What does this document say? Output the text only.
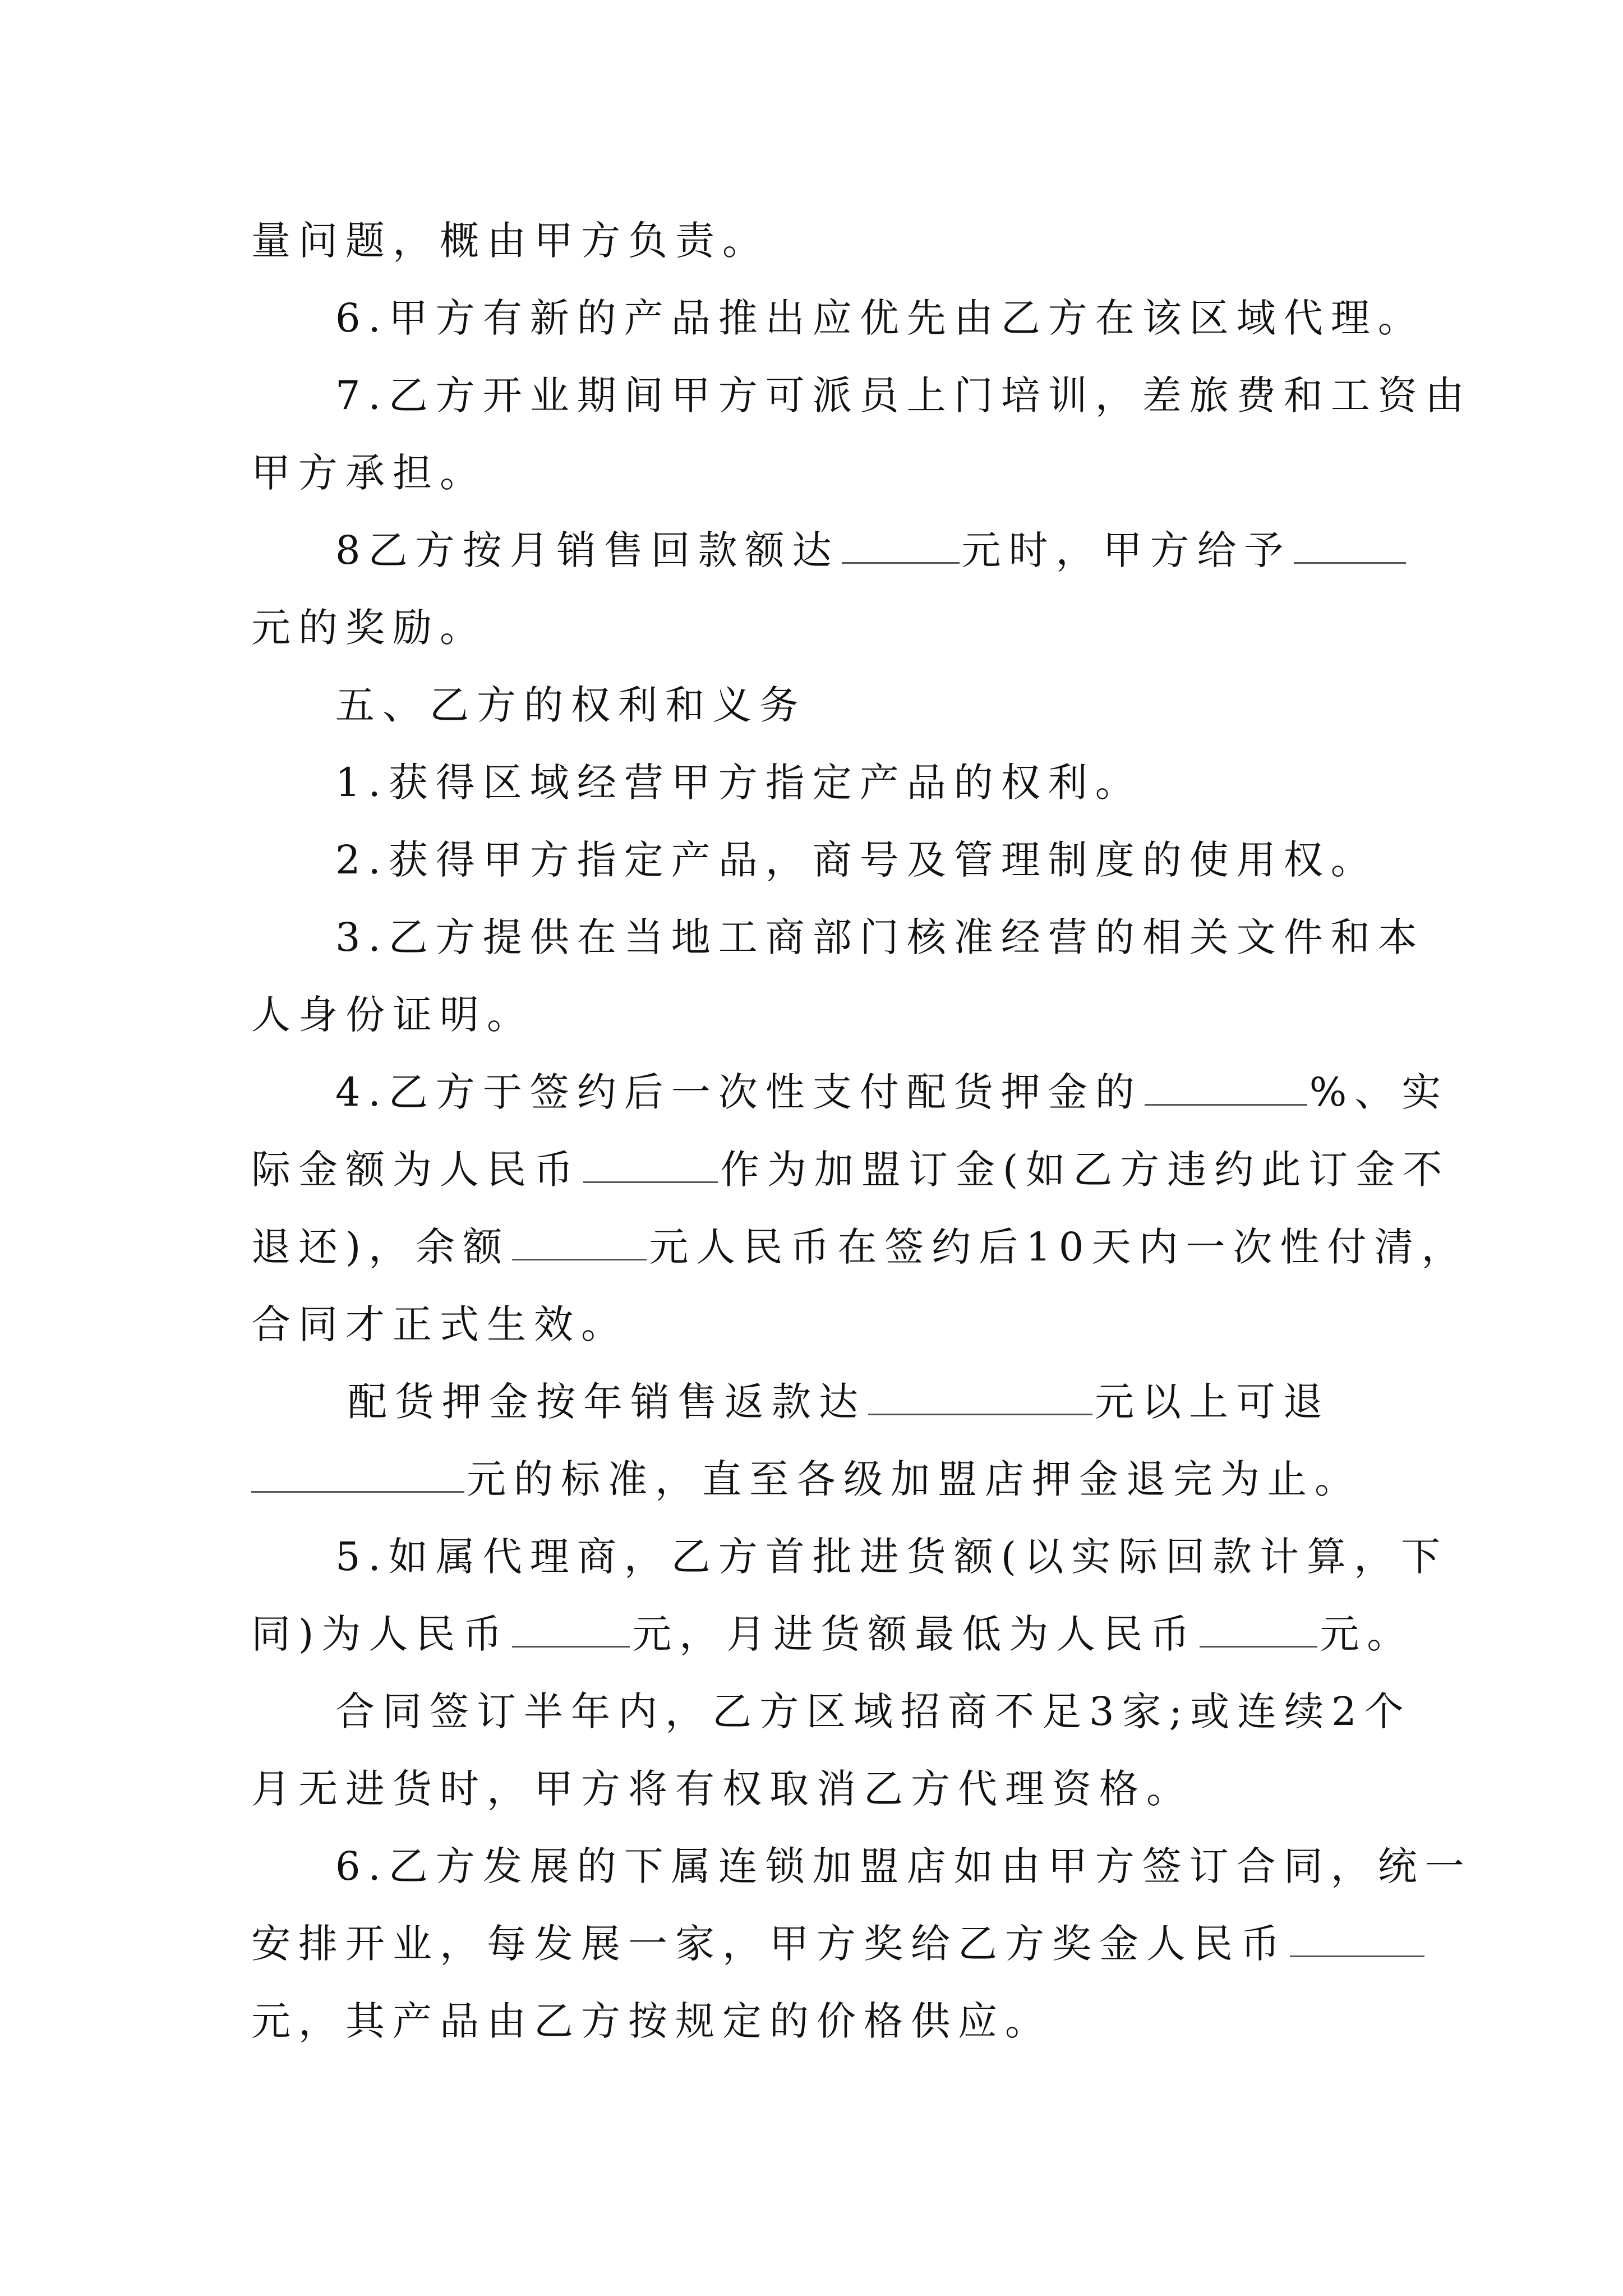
量问题，概由甲方负责。
6.甲方有新的产品推出应优先由乙方在该区域代理。
7.乙方开业期间甲方可派员上门培训，差旅费和工资由
甲方承担。
8乙方按月销售回款额达	元时，甲方给予
元的奖励。
五、乙方的权利和义务
1.获得区域经营甲方指定产品的权利。
2.获得甲方指定产品，商号及管理制度的使用权。
3.乙方提供在当地工商部门核准经营的相关文件和本
人身份证明。
4.乙方于签约后一次性支付配货押金的	%、实
际金额为人民币	作为加盟订金(如乙方违约此订金不
退还)，余额	元人民币在签约后10天内一次性付清，
合同才正式生效。
配货押金按年销售返款达	元以上可退
元的标准，直至各级加盟店押金退完为止。
5.如属代理商，乙方首批进货额(以实际回款计算，下
同)为人民币	元，月进货额最低为人民币	元。
合同签订半年内，乙方区域招商不足3家;或连续2个
月无进货时，甲方将有权取消乙方代理资格。
6.乙方发展的下属连锁加盟店如由甲方签订合同，统一
安排开业，每发展一家，甲方奖给乙方奖金人民币
元，其产品由乙方按规定的价格供应。
